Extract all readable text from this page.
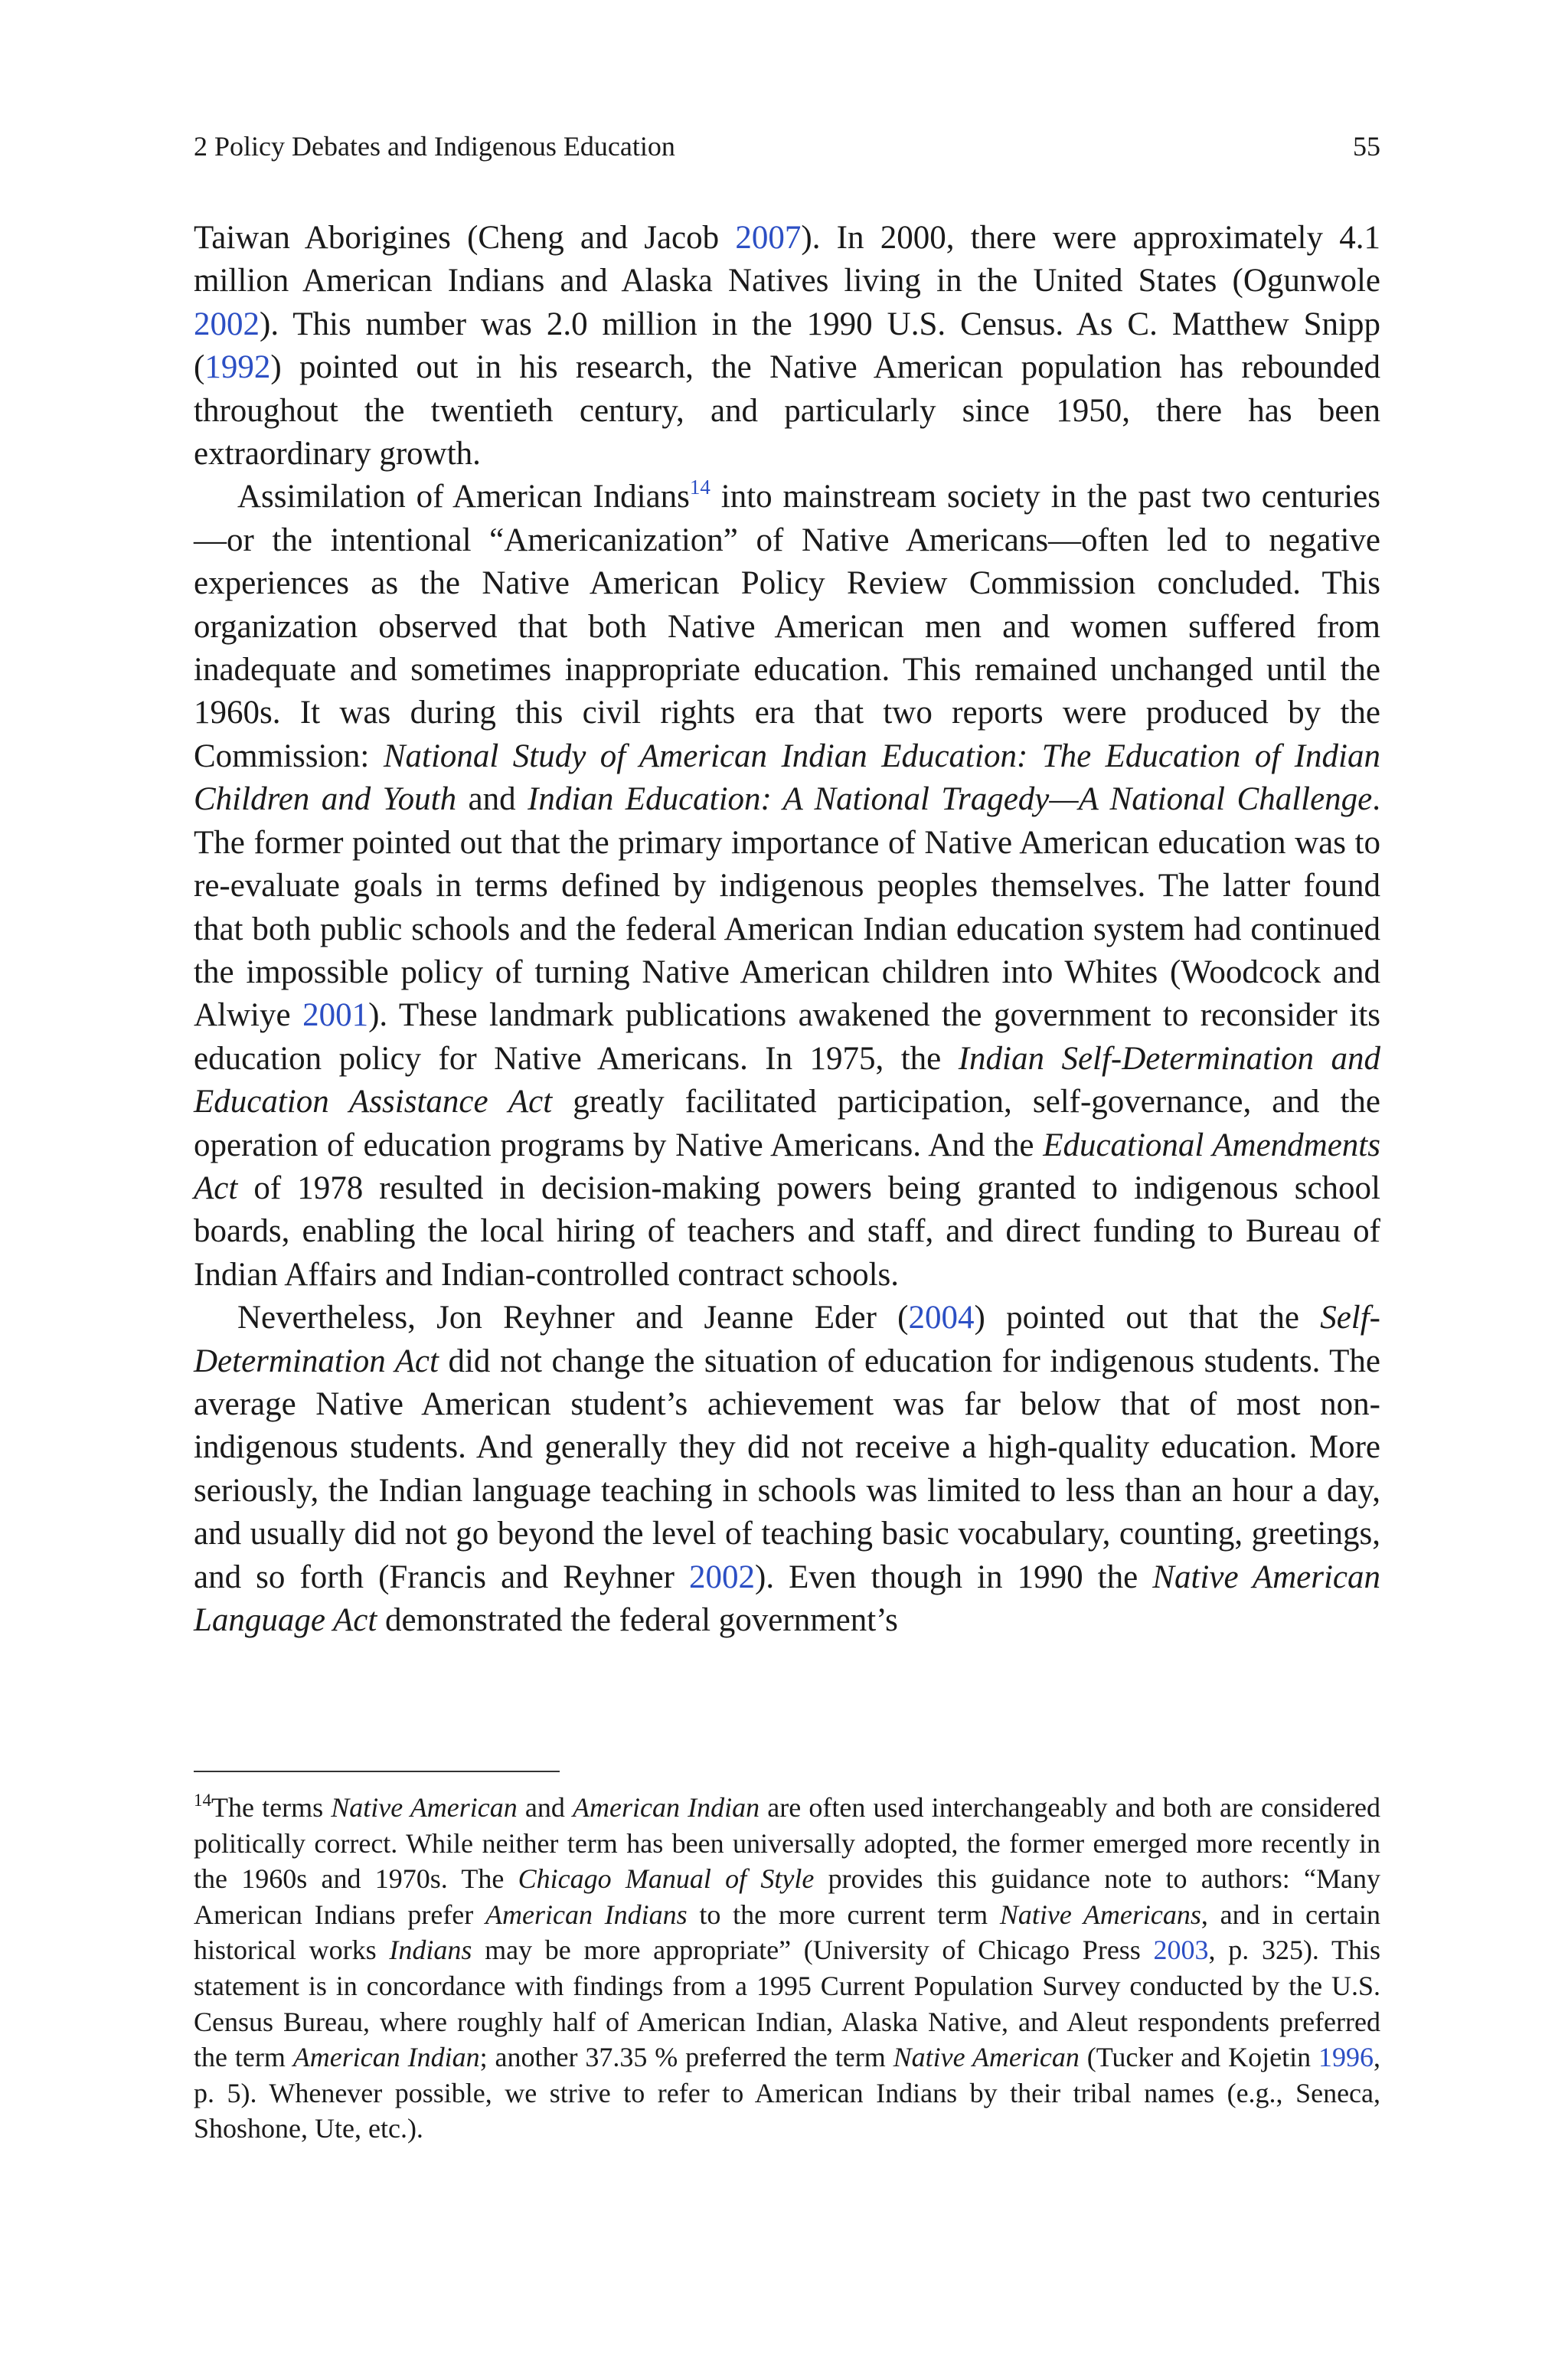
2 Policy Debates and Indigenous Education	55

Taiwan Aborigines (Cheng and Jacob 2007). In 2000, there were approximately 4.1 million American Indians and Alaska Natives living in the United States (Ogunwole 2002). This number was 2.0 million in the 1990 U.S. Census. As C. Matthew Snipp (1992) pointed out in his research, the Native American population has rebounded throughout the twentieth century, and particularly since 1950, there has been extraordinary growth.

Assimilation of American Indians$^{14}$ into mainstream society in the past two centuries—or the intentional “Americanization” of Native Americans—often led to negative experiences as the Native American Policy Review Commission concluded. This organization observed that both Native American men and women suffered from inadequate and sometimes inappropriate education. This remained unchanged until the 1960s. It was during this civil rights era that two reports were produced by the Commission: National Study of American Indian Education: The Education of Indian Children and Youth and Indian Education: A National Tragedy—A National Challenge. The former pointed out that the primary importance of Native American education was to re-evaluate goals in terms defined by indigenous peoples themselves. The latter found that both public schools and the federal American Indian education system had continued the impossible policy of turning Native American children into Whites (Woodcock and Alwiye 2001). These landmark publications awakened the government to reconsider its education policy for Native Americans. In 1975, the Indian Self-Determination and Education Assistance Act greatly facilitated participation, self-governance, and the operation of education programs by Native Americans. And the Educational Amendments Act of 1978 resulted in decision-making powers being granted to indigenous school boards, enabling the local hiring of teachers and staff, and direct funding to Bureau of Indian Affairs and Indian-controlled contract schools.

Nevertheless, Jon Reyhner and Jeanne Eder (2004) pointed out that the Self-Determination Act did not change the situation of education for indigenous students. The average Native American student’s achievement was far below that of most non-indigenous students. And generally they did not receive a high-quality education. More seriously, the Indian language teaching in schools was limited to less than an hour a day, and usually did not go beyond the level of teaching basic vocabulary, counting, greetings, and so forth (Francis and Reyhner 2002). Even though in 1990 the Native American Language Act demonstrated the federal government’s

$^{14}$The terms Native American and American Indian are often used interchangeably and both are considered politically correct. While neither term has been universally adopted, the former emerged more recently in the 1960s and 1970s. The Chicago Manual of Style provides this guidance note to authors: “Many American Indians prefer American Indians to the more current term Native Americans, and in certain historical works Indians may be more appropriate” (University of Chicago Press 2003, p. 325). This statement is in concordance with findings from a 1995 Current Population Survey conducted by the U.S. Census Bureau, where roughly half of American Indian, Alaska Native, and Aleut respondents preferred the term American Indian; another 37.35 % preferred the term Native American (Tucker and Kojetin 1996, p. 5). Whenever possible, we strive to refer to American Indians by their tribal names (e.g., Seneca, Shoshone, Ute, etc.).
